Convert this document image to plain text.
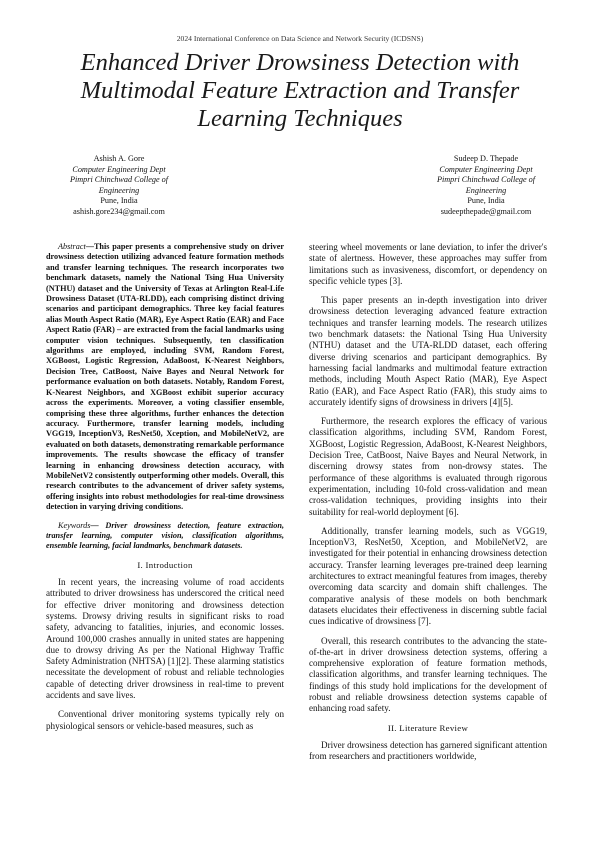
2024 International Conference on Data Science and Network Security (ICDSNS)
Enhanced Driver Drowsiness Detection with Multimodal Feature Extraction and Transfer Learning Techniques
Ashish A. Gore
Computer Engineering Dept
Pimpri Chinchwad College of Engineering
Pune, India
ashish.gore234@gmail.com
Sudeep D. Thepade
Computer Engineering Dept
Pimpri Chinchwad College of Engineering
Pune, India
sudeepthepade@gmail.com

Abstract—This paper presents a comprehensive study on driver drowsiness detection utilizing advanced feature formation methods and transfer learning techniques. The research incorporates two benchmark datasets, namely the National Tsing Hua University (NTHU) dataset and the University of Texas at Arlington Real-Life Drowsiness Dataset (UTA-RLDD), each comprising distinct driving scenarios and participant demographics. Three key facial features alias Mouth Aspect Ratio (MAR), Eye Aspect Ratio (EAR) and Face Aspect Ratio (FAR) – are extracted from the facial landmarks using computer vision techniques. Subsequently, ten classification algorithms are employed, including SVM, Random Forest, XGBoost, Logistic Regression, AdaBoost, K-Nearest Neighbors, Decision Tree, CatBoost, Naive Bayes and Neural Network for performance evaluation on both datasets. Notably, Random Forest, K-Nearest Neighbors, and XGBoost exhibit superior accuracy across the experiments. Moreover, a voting classifier ensemble, comprising these three algorithms, further enhances the detection accuracy. Furthermore, transfer learning models, including VGG19, InceptionV3, ResNet50, Xception, and MobileNetV2, are evaluated on both datasets, demonstrating remarkable performance improvements. The results showcase the efficacy of transfer learning in enhancing drowsiness detection accuracy, with MobileNetV2 consistently outperforming other models. Overall, this research contributes to the advancement of driver safety systems, offering insights into robust methodologies for real-time drowsiness detection in varying driving conditions.

Keywords— Driver drowsiness detection, feature extraction, transfer learning, computer vision, classification algorithms, ensemble learning, facial landmarks, benchmark datasets.

I. Introduction

In recent years, the increasing volume of road accidents attributed to driver drowsiness has underscored the critical need for effective driver monitoring and drowsiness detection systems. Drowsy driving results in significant risks to road safety, advancing to fatalities, injuries, and economic losses. Around 100,000 crashes annually in united states are happening due to drowsy driving As per the National Highway Traffic Safety Administration (NHTSA) [1][2]. These alarming statistics necessitate the development of robust and reliable technologies capable of detecting driver drowsiness in real-time to prevent accidents and save lives.

Conventional driver monitoring systems typically rely on physiological sensors or vehicle-based measures, such as

steering wheel movements or lane deviation, to infer the driver's state of alertness. However, these approaches may suffer from limitations such as invasiveness, discomfort, or dependency on specific vehicle types [3].

This paper presents an in-depth investigation into driver drowsiness detection leveraging advanced feature extraction techniques and transfer learning models. The research utilizes two benchmark datasets: the National Tsing Hua University (NTHU) dataset and the UTA-RLDD dataset, each offering diverse driving scenarios and participant demographics. By harnessing facial landmarks and multimodal feature extraction methods, including Mouth Aspect Ratio (MAR), Eye Aspect Ratio (EAR), and Face Aspect Ratio (FAR), this study aims to accurately identify signs of drowsiness in drivers [4][5].

Furthermore, the research explores the efficacy of various classification algorithms, including SVM, Random Forest, XGBoost, Logistic Regression, AdaBoost, K-Nearest Neighbors, Decision Tree, CatBoost, Naive Bayes and Neural Network, in discerning drowsy states from non-drowsy states. The performance of these algorithms is evaluated through rigorous experimentation, including 10-fold cross-validation and mean cross-validation techniques, providing insights into their suitability for real-world deployment [6].

Additionally, transfer learning models, such as VGG19, InceptionV3, ResNet50, Xception, and MobileNetV2, are investigated for their potential in enhancing drowsiness detection accuracy. Transfer learning leverages pre-trained deep learning architectures to extract meaningful features from images, thereby overcoming data scarcity and domain shift challenges. The comparative analysis of these models on both benchmark datasets elucidates their effectiveness in discerning subtle facial cues indicative of drowsiness [7].

Overall, this research contributes to the advancing the state-of-the-art in driver drowsiness detection systems, offering a comprehensive exploration of feature formation methods, classification algorithms, and transfer learning techniques. The findings of this study hold implications for the development of robust and reliable drowsiness detection systems capable of enhancing road safety.

II. Literature Review

Driver drowsiness detection has garnered significant attention from researchers and practitioners worldwide,
